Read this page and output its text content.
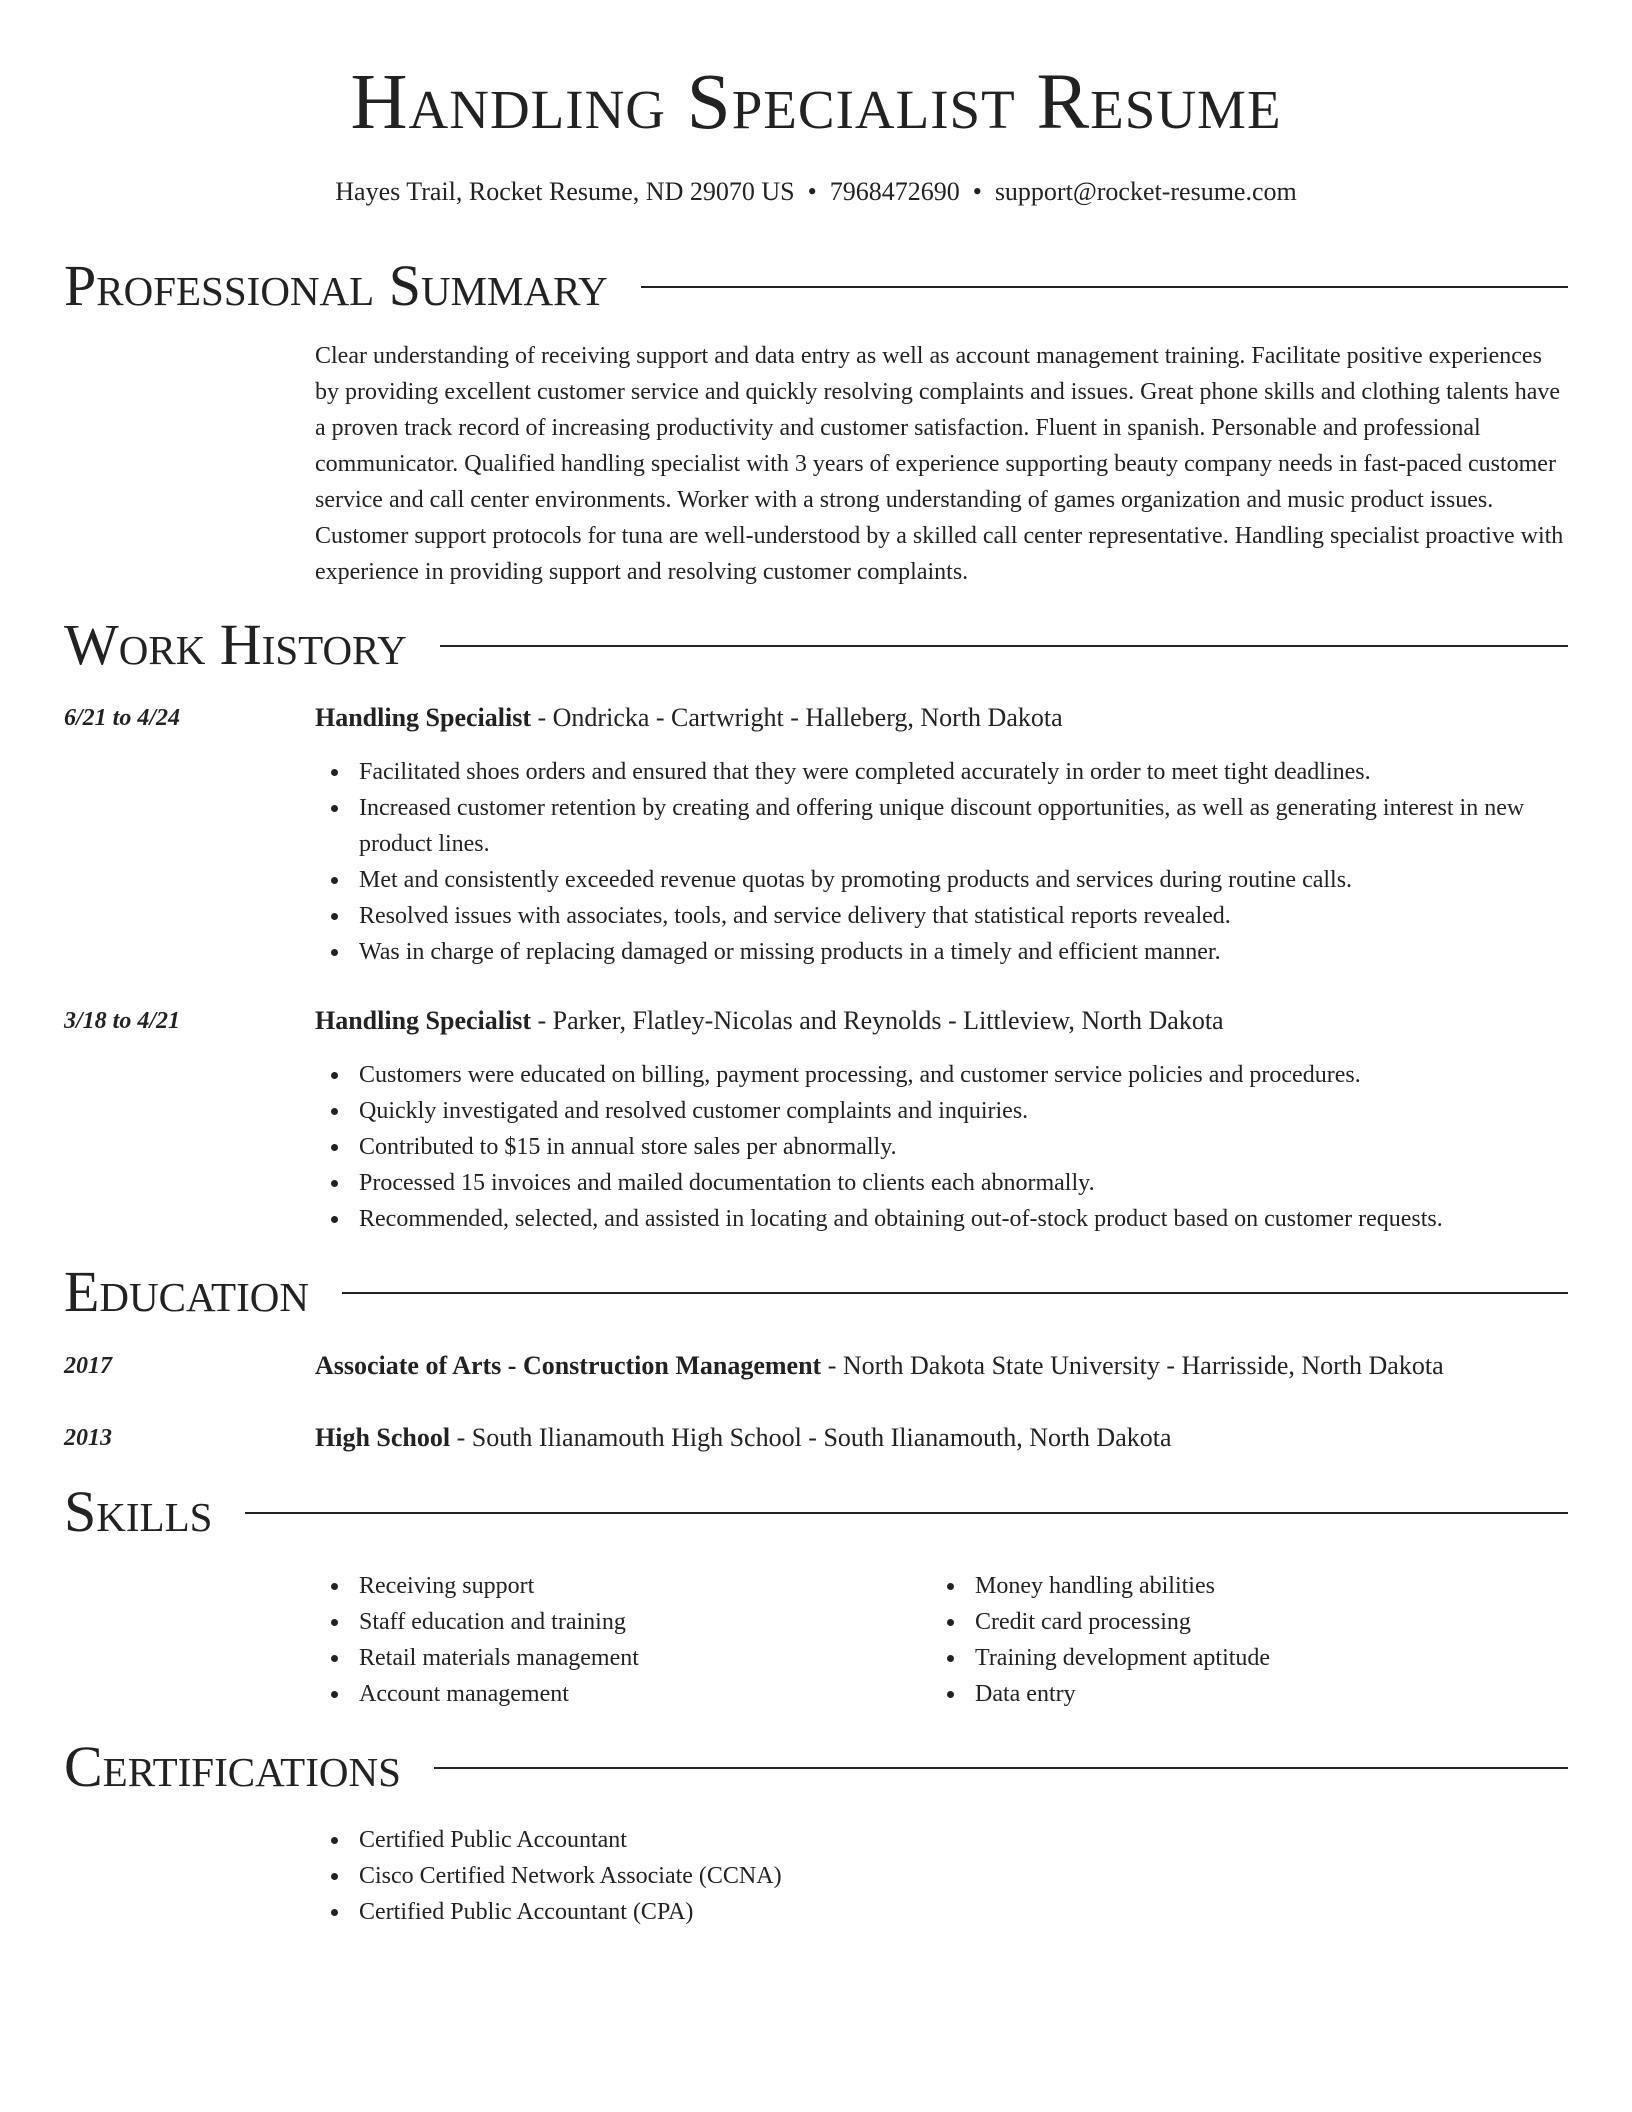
Handling Specialist Resume
Hayes Trail, Rocket Resume, ND 29070 US • 7968472690 • support@rocket-resume.com
Professional Summary

Clear understanding of receiving support and data entry as well as account management training. Facilitate positive experiences by providing excellent customer service and quickly resolving complaints and issues. Great phone skills and clothing talents have a proven track record of increasing productivity and customer satisfaction. Fluent in spanish. Personable and professional communicator. Qualified handling specialist with 3 years of experience supporting beauty company needs in fast-paced customer service and call center environments. Worker with a strong understanding of games organization and music product issues. Customer support protocols for tuna are well-understood by a skilled call center representative. Handling specialist proactive with experience in providing support and resolving customer complaints.

Work History
6/21 to 4/24	Handling Specialist - Ondricka - Cartwright - Halleberg, North Dakota
Facilitated shoes orders and ensured that they were completed accurately in order to meet tight deadlines.
Increased customer retention by creating and offering unique discount opportunities, as well as generating interest in new product lines.
Met and consistently exceeded revenue quotas by promoting products and services during routine calls.
Resolved issues with associates, tools, and service delivery that statistical reports revealed.
Was in charge of replacing damaged or missing products in a timely and efficient manner.
3/18 to 4/21	Handling Specialist - Parker, Flatley-Nicolas and Reynolds - Littleview, North Dakota
Customers were educated on billing, payment processing, and customer service policies and procedures.
Quickly investigated and resolved customer complaints and inquiries.
Contributed to $15 in annual store sales per abnormally.
Processed 15 invoices and mailed documentation to clients each abnormally.
Recommended, selected, and assisted in locating and obtaining out-of-stock product based on customer requests.
Education
2017	Associate of Arts - Construction Management - North Dakota State University - Harrisside, North Dakota
2013	High School - South Ilianamouth High School - South Ilianamouth, North Dakota
Skills
Receiving support
Staff education and training
Retail materials management
Account management
Money handling abilities
Credit card processing
Training development aptitude
Data entry
Certifications
Certified Public Accountant
Cisco Certified Network Associate (CCNA)
Certified Public Accountant (CPA)
